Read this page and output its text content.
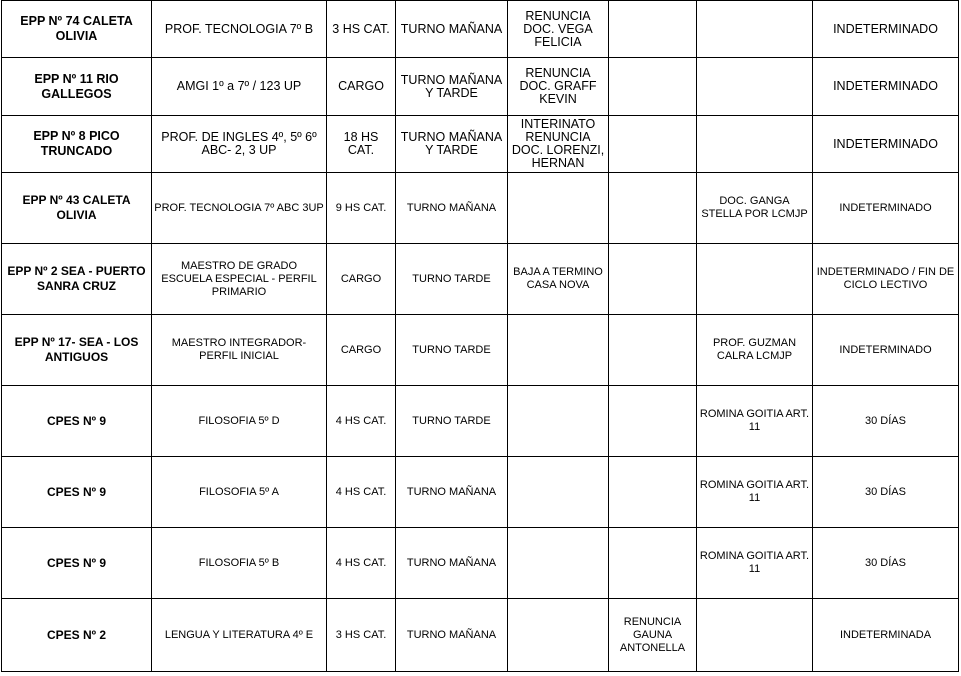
EPP Nº 74 CALETA OLIVIA	PROF. TECNOLOGIA 7º B	3 HS CAT.	TURNO MAÑANA	RENUNCIA DOC. VEGA FELICIA			INDETERMINADO
EPP Nº 11 RIO GALLEGOS	AMGI 1º a 7º / 123 UP	CARGO	TURNO MAÑANA Y TARDE	RENUNCIA DOC. GRAFF KEVIN			INDETERMINADO
EPP Nº 8 PICO TRUNCADO	PROF. DE INGLES 4º, 5º 6º ABC- 2, 3 UP	18 HS CAT.	TURNO MAÑANA Y TARDE	INTERINATO RENUNCIA DOC. LORENZI, HERNAN			INDETERMINADO
EPP Nº 43 CALETA OLIVIA	PROF. TECNOLOGIA 7º ABC 3UP	9 HS CAT.	TURNO MAÑANA			DOC. GANGA STELLA POR LCMJP	INDETERMINADO
EPP Nº 2 SEA - PUERTO SANRA CRUZ	MAESTRO DE GRADO ESCUELA ESPECIAL - PERFIL PRIMARIO	CARGO	TURNO TARDE	BAJA A TERMINO CASA NOVA			INDETERMINADO / FIN DE CICLO LECTIVO
EPP Nº 17- SEA - LOS ANTIGUOS	MAESTRO INTEGRADOR- PERFIL INICIAL	CARGO	TURNO TARDE			PROF. GUZMAN CALRA LCMJP	INDETERMINADO
CPES Nº 9	FILOSOFIA 5º D	4 HS CAT.	TURNO TARDE			ROMINA GOITIA ART. 11	30 DÍAS
CPES Nº 9	FILOSOFIA 5º A	4 HS CAT.	TURNO MAÑANA			ROMINA GOITIA ART. 11	30 DÍAS
CPES Nº 9	FILOSOFIA 5º B	4 HS CAT.	TURNO MAÑANA			ROMINA GOITIA ART. 11	30 DÍAS
CPES Nº 2	LENGUA Y LITERATURA 4º E	3 HS CAT.	TURNO MAÑANA		RENUNCIA GAUNA ANTONELLA		INDETERMINADA
